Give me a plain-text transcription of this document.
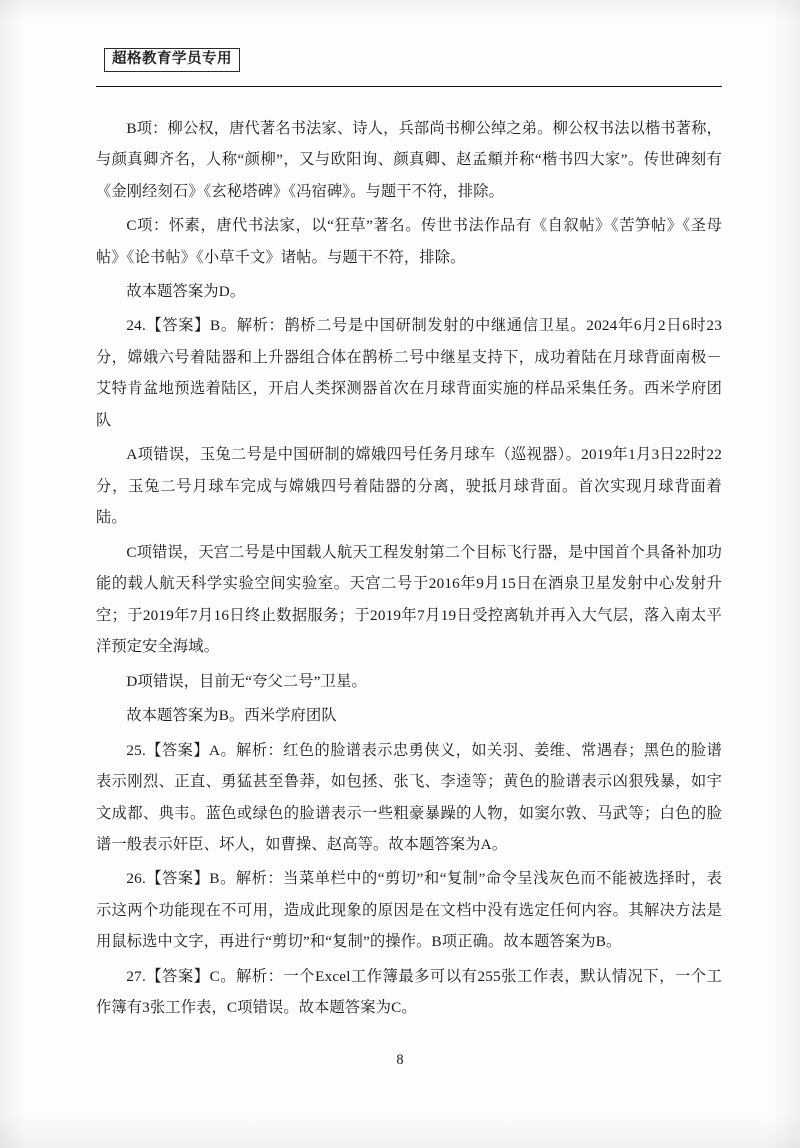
超格教育学员专用

B项：柳公权，唐代著名书法家、诗人，兵部尚书柳公绰之弟。柳公权书法以楷书著称，与颜真卿齐名，人称“颜柳”，又与欧阳询、颜真卿、赵孟頫并称“楷书四大家”。传世碑刻有《金刚经刻石》《玄秘塔碑》《冯宿碑》。与题干不符，排除。

C项：怀素，唐代书法家，以“狂草”著名。传世书法作品有《自叙帖》《苦笋帖》《圣母帖》《论书帖》《小草千文》诸帖。与题干不符，排除。

故本题答案为D。

24.【答案】B。解析：鹊桥二号是中国研制发射的中继通信卫星。2024年6月2日6时23分，嫦娥六号着陆器和上升器组合体在鹊桥二号中继星支持下，成功着陆在月球背面南极－艾特肯盆地预选着陆区，开启人类探测器首次在月球背面实施的样品采集任务。西米学府团队

A项错误，玉兔二号是中国研制的嫦娥四号任务月球车（巡视器）。2019年1月3日22时22分，玉兔二号月球车完成与嫦娥四号着陆器的分离，驶抵月球背面。首次实现月球背面着陆。

C项错误，天宫二号是中国载人航天工程发射第二个目标飞行器，是中国首个具备补加功能的载人航天科学实验空间实验室。天宫二号于2016年9月15日在酒泉卫星发射中心发射升空；于2019年7月16日终止数据服务；于2019年7月19日受控离轨并再入大气层，落入南太平洋预定安全海域。

D项错误，目前无“夸父二号”卫星。

故本题答案为B。西米学府团队

25.【答案】A。解析：红色的脸谱表示忠勇侠义，如关羽、姜维、常遇春；黑色的脸谱表示刚烈、正直、勇猛甚至鲁莽，如包拯、张飞、李逵等；黄色的脸谱表示凶狠残暴，如宇文成都、典韦。蓝色或绿色的脸谱表示一些粗豪暴躁的人物，如窦尔敦、马武等；白色的脸谱一般表示奸臣、坏人，如曹操、赵高等。故本题答案为A。

26.【答案】B。解析：当菜单栏中的“剪切”和“复制”命令呈浅灰色而不能被选择时，表示这两个功能现在不可用，造成此现象的原因是在文档中没有选定任何内容。其解决方法是用鼠标选中文字，再进行“剪切”和“复制”的操作。B项正确。故本题答案为B。

27.【答案】C。解析：一个Excel工作簿最多可以有255张工作表，默认情况下，一个工作簿有3张工作表，C项错误。故本题答案为C。

8
